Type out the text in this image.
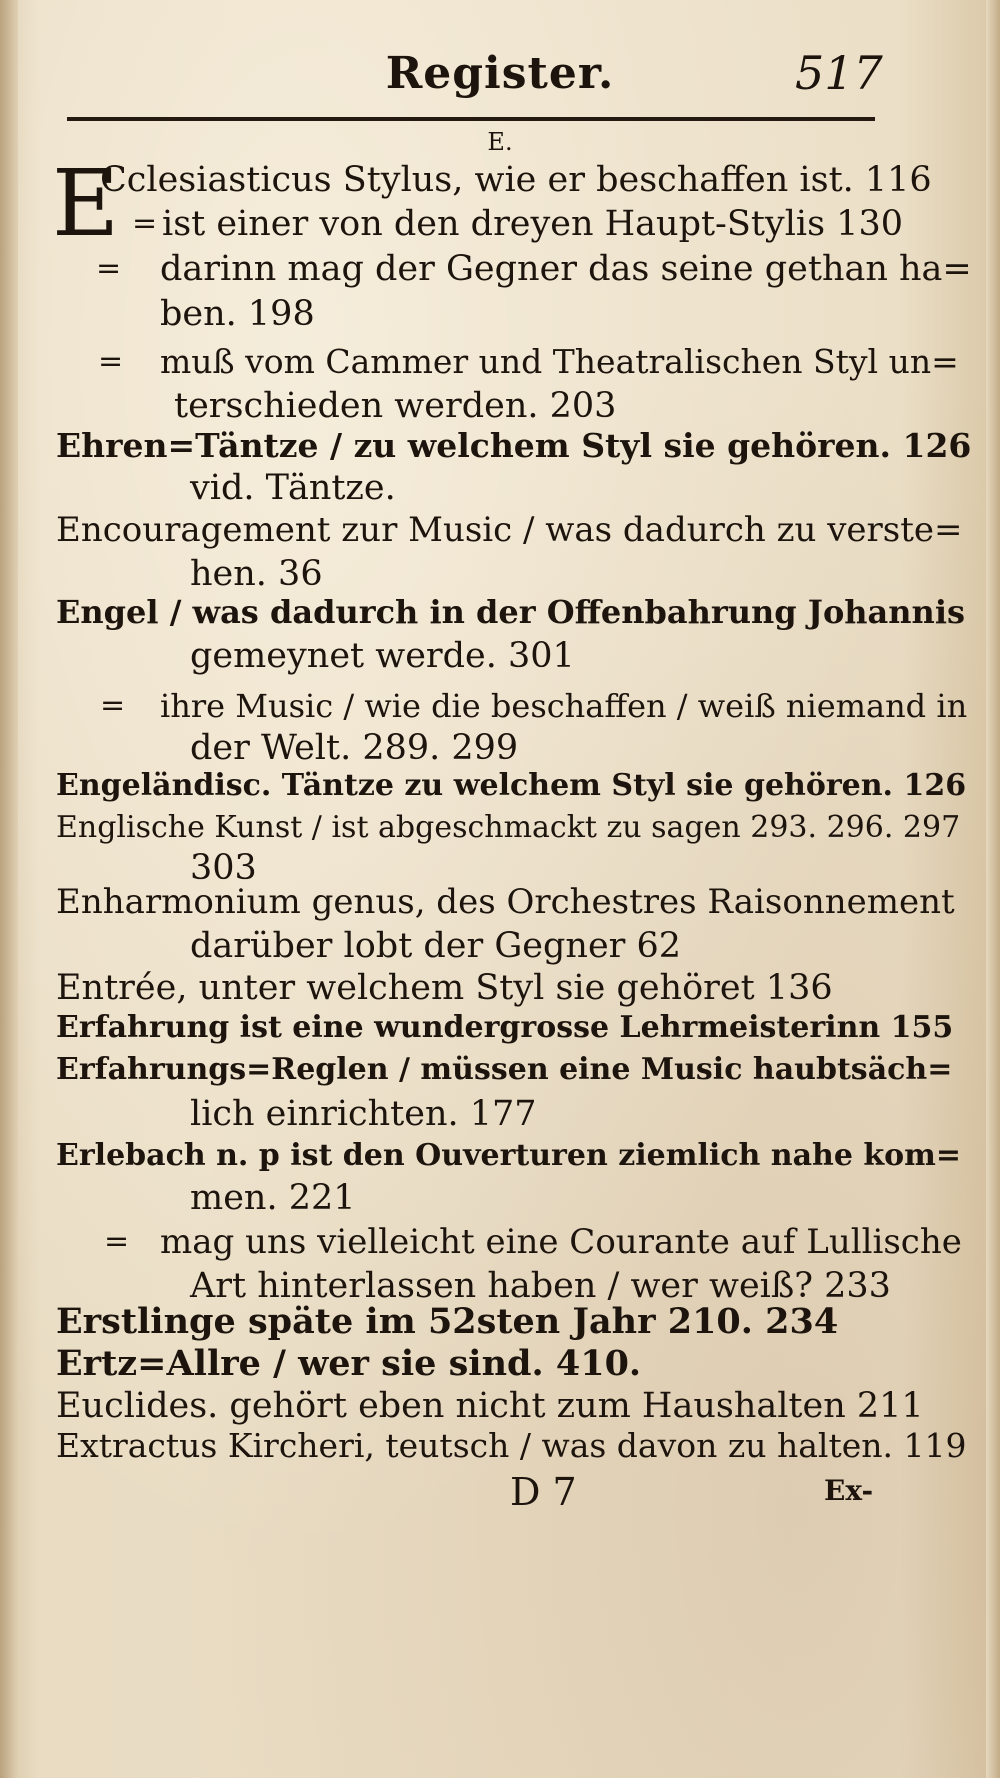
Register.	517
E.
E
Cclesiasticus Stylus, wie er beschaffen ist. 116
= ist einer von den dreyen Haupt-Stylis 130
= darinn mag der Gegner das seine gethan ha=
ben. 198
= muß vom Cammer und Theatralischen Styl un=
terschieden werden. 203
Ehren=Täntze / zu welchem Styl sie gehören. 126
vid. Täntze.
Encouragement zur Music / was dadurch zu verste=
hen. 36
Engel / was dadurch in der Offenbahrung Johannis
gemeynet werde. 301
= ihre Music / wie die beschaffen / weiß niemand in
der Welt. 289. 299
Engeländisc. Täntze zu welchem Styl sie gehören. 126
Englische Kunst / ist abgeschmackt zu sagen 293. 296. 297
303
Enharmonium genus, des Orchestres Raisonnement
darüber lobt der Gegner 62
Entrée, unter welchem Styl sie gehöret 136
Erfahrung ist eine wundergrosse Lehrmeisterinn 155
Erfahrungs=Reglen / müssen eine Music haubtsäch=
lich einrichten. 177
Erlebach n. p ist den Ouverturen ziemlich nahe kom=
men. 221
= mag uns vielleicht eine Courante auf Lullische
Art hinterlassen haben / wer weiß? 233
Erstlinge späte im 52sten Jahr 210. 234
Ertz=Allre / wer sie sind. 410.
Euclides. gehört eben nicht zum Haushalten 211
Extractus Kircheri, teutsch / was davon zu halten. 119
D 7	Ex-
